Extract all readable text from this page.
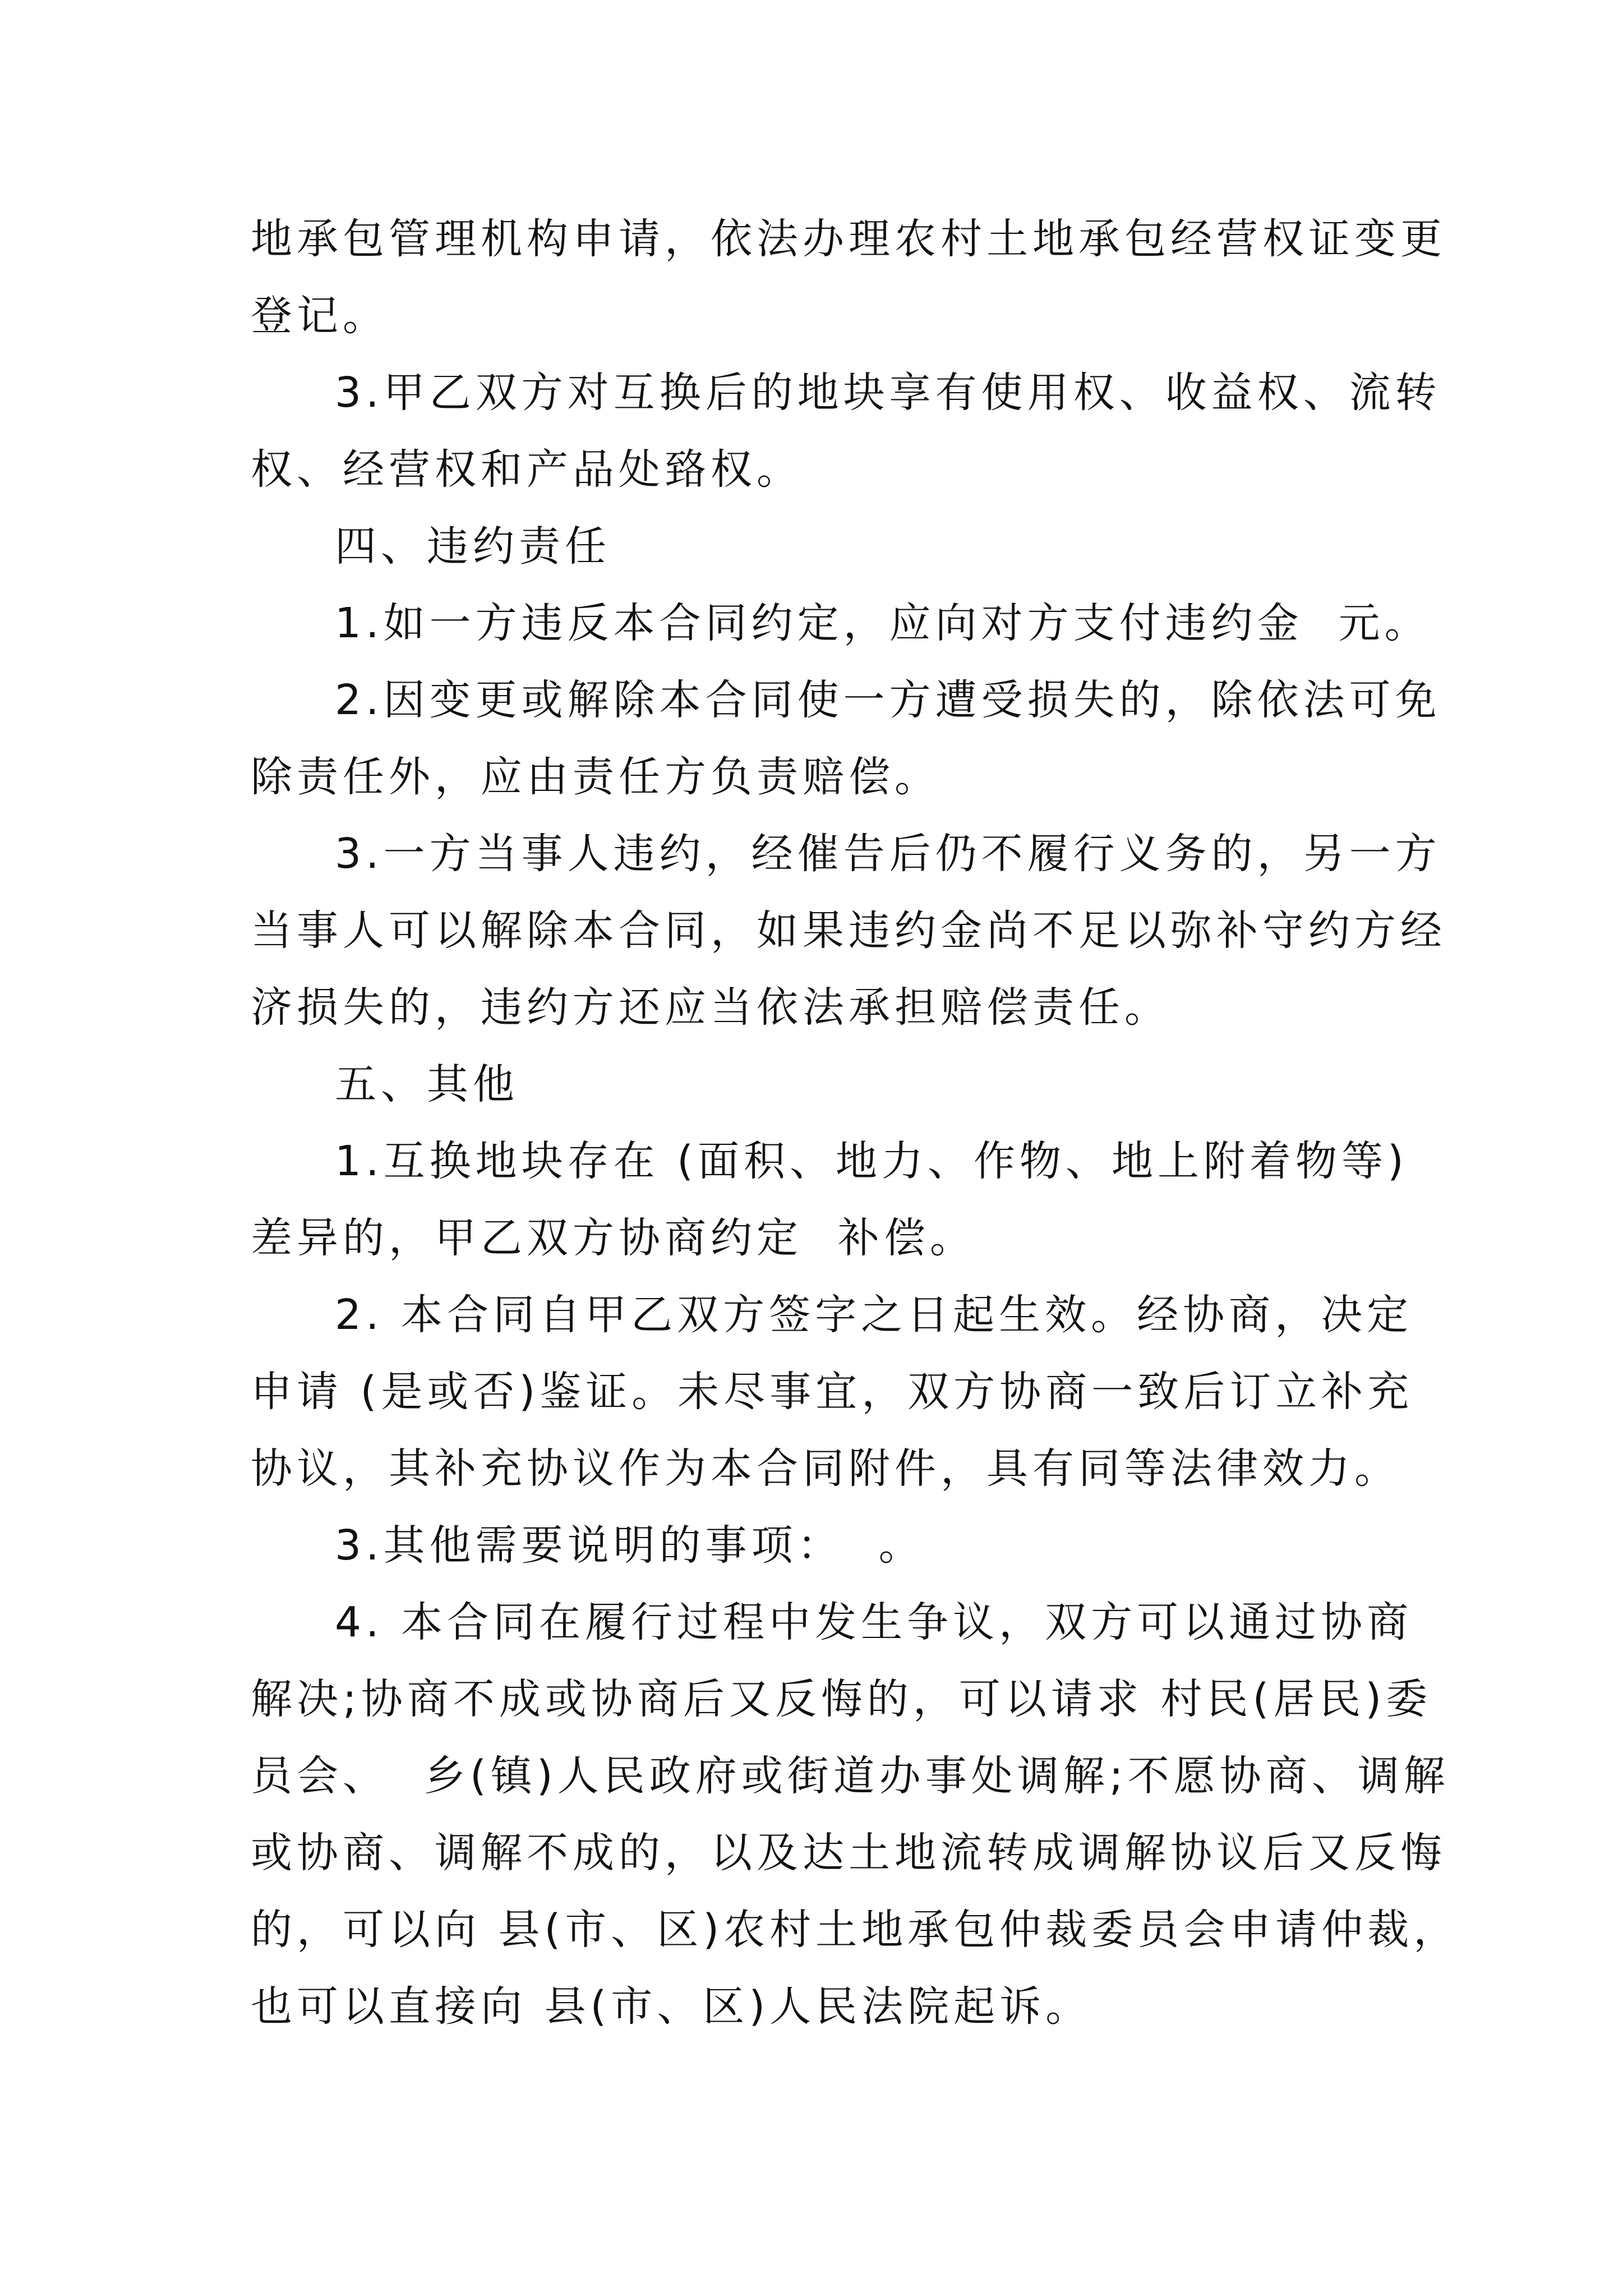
地承包管理机构申请，依法办理农村土地承包经营权证变更
登记。
3.甲乙双方对互换后的地块享有使用权、收益权、流转
权、经营权和产品处臵权。
四、违约责任
1.如一方违反本合同约定，应向对方支付违约金  元。
2.因变更或解除本合同使一方遭受损失的，除依法可免
除责任外，应由责任方负责赔偿。
3.一方当事人违约，经催告后仍不履行义务的，另一方
当事人可以解除本合同，如果违约金尚不足以弥补守约方经
济损失的，违约方还应当依法承担赔偿责任。
五、其他
1.互换地块存在 (面积、地力、作物、地上附着物等)
差异的，甲乙双方协商约定  补偿。
2. 本合同自甲乙双方签字之日起生效。经协商，决定
申请 (是或否)鉴证。未尽事宜，双方协商一致后订立补充
协议，其补充协议作为本合同附件，具有同等法律效力。
3.其他需要说明的事项：  。
4. 本合同在履行过程中发生争议，双方可以通过协商
解决;协商不成或协商后又反悔的，可以请求 村民(居民)委
员会、  乡(镇)人民政府或街道办事处调解;不愿协商、调解
或协商、调解不成的，以及达土地流转成调解协议后又反悔
的，可以向 县(市、区)农村土地承包仲裁委员会申请仲裁，
也可以直接向 县(市、区)人民法院起诉。
